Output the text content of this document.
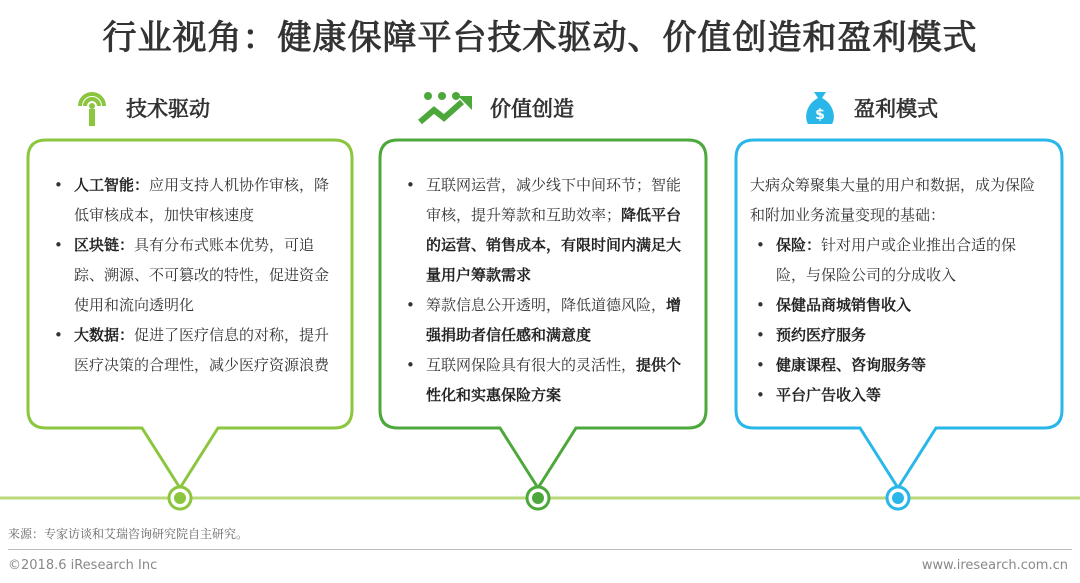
行业视角：健康保障平台技术驱动、价值创造和盈利模式
技术驱动	价值创造	$ 盈利模式
• 人工智能：应用支持人机协作审核，降低审核成本，加快审核速度
• 区块链：具有分布式账本优势，可追踪、溯源、不可篡改的特性，促进资金使用和流向透明化
• 大数据：促进了医疗信息的对称，提升医疗决策的合理性，减少医疗资源浪费
• 互联网运营，减少线下中间环节；智能审核，提升筹款和互助效率；降低平台的运营、销售成本，有限时间内满足大量用户筹款需求
• 筹款信息公开透明，降低道德风险，增强捐助者信任感和满意度
• 互联网保险具有很大的灵活性，提供个性化和实惠保险方案

大病众筹聚集大量的用户和数据，成为保险和附加业务流量变现的基础：

• 保险：针对用户或企业推出合适的保险，与保险公司的分成收入
• 保健品商城销售收入
• 预约医疗服务
• 健康课程、咨询服务等
• 平台广告收入等
来源：专家访谈和艾瑞咨询研究院自主研究。
©2018.6 iResearch Inc	www.iresearch.com.cn
